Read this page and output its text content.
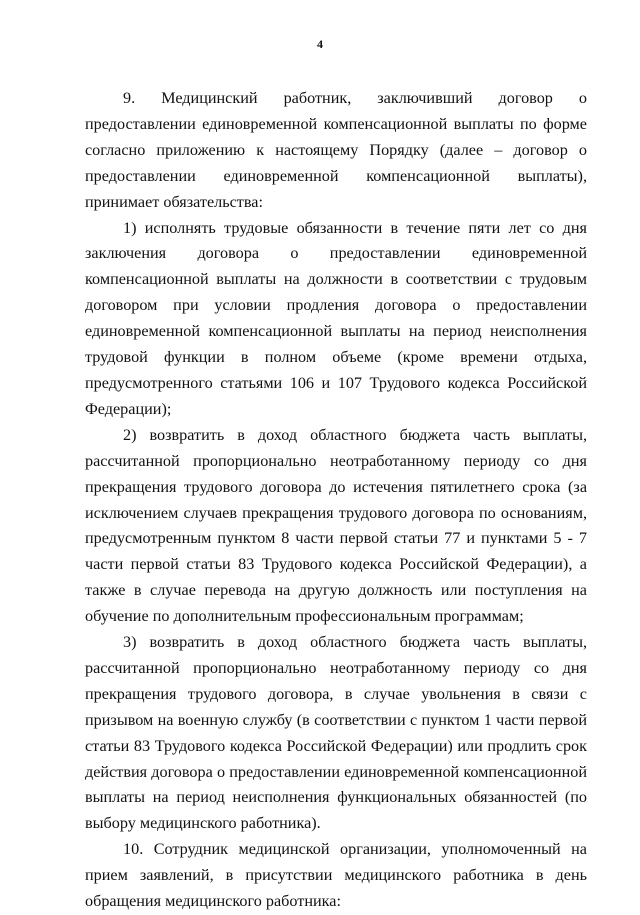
4

9. Медицинский работник, заключивший договор о предоставлении единовременной компенсационной выплаты по форме согласно приложению к настоящему Порядку (далее – договор о предоставлении единовременной компенсационной выплаты), принимает обязательства:

1) исполнять трудовые обязанности в течение пяти лет со дня заключения договора о предоставлении единовременной компенсационной выплаты на должности в соответствии с трудовым договором при условии продления договора о предоставлении единовременной компенсационной выплаты на период неисполнения трудовой функции в полном объеме (кроме времени отдыха, предусмотренного статьями 106 и 107 Трудового кодекса Российской Федерации);

2) возвратить в доход областного бюджета часть выплаты, рассчитанной пропорционально неотработанному периоду со дня прекращения трудового договора до истечения пятилетнего срока (за исключением случаев прекращения трудового договора по основаниям, предусмотренным пунктом 8 части первой статьи 77 и пунктами 5 - 7 части первой статьи 83 Трудового кодекса Российской Федерации), а также в случае перевода на другую должность или поступления на обучение по дополнительным профессиональным программам;

3) возвратить в доход областного бюджета часть выплаты, рассчитанной пропорционально неотработанному периоду со дня прекращения трудового договора, в случае увольнения в связи с призывом на военную службу (в соответствии с пунктом 1 части первой статьи 83 Трудового кодекса Российской Федерации) или продлить срок действия договора о предоставлении единовременной компенсационной выплаты на период неисполнения функциональных обязанностей (по выбору медицинского работника).

10. Сотрудник медицинской организации, уполномоченный на прием заявлений, в присутствии медицинского работника в день обращения медицинского работника:
